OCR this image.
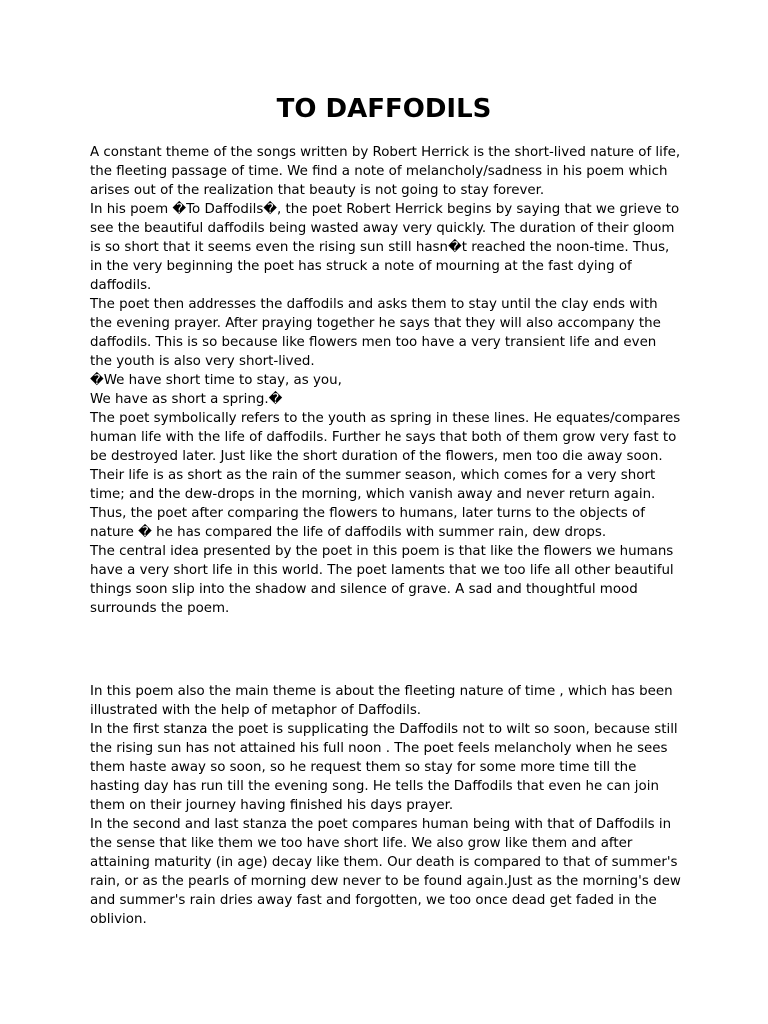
TO DAFFODILS

A constant theme of the songs written by Robert Herrick is the short-lived nature of life, the fleeting passage of time. We find a note of melancholy/sadness in his poem which arises out of the realization that beauty is not going to stay forever.

In his poem �To Daffodils�, the poet Robert Herrick begins by saying that we grieve to see the beautiful daffodils being wasted away very quickly. The duration of their gloom is so short that it seems even the rising sun still hasn�t reached the noon-time. Thus, in the very beginning the poet has struck a note of mourning at the fast dying of daffodils.

The poet then addresses the daffodils and asks them to stay until the clay ends with the evening prayer. After praying together he says that they will also accompany the daffodils. This is so because like flowers men too have a very transient life and even the youth is also very short-lived.

�We have short time to stay, as you,

We have as short a spring.�

The poet symbolically refers to the youth as spring in these lines. He equates/compares human life with the life of daffodils. Further he says that both of them grow very fast to be destroyed later. Just like the short duration of the flowers, men too die away soon. Their life is as short as the rain of the summer season, which comes for a very short time; and the dew-drops in the morning, which vanish away and never return again. Thus, the poet after comparing the flowers to humans, later turns to the objects of nature � he has compared the life of daffodils with summer rain, dew drops.

The central idea presented by the poet in this poem is that like the flowers we humans have a very short life in this world. The poet laments that we too life all other beautiful things soon slip into the shadow and silence of grave. A sad and thoughtful mood surrounds the poem.

In this poem also the main theme is about the fleeting nature of time , which has been illustrated with the help of metaphor of Daffodils.

In the first stanza the poet is supplicating the Daffodils not to wilt so soon, because still the rising sun has not attained his full noon . The poet feels melancholy when he sees them haste away so soon, so he request them so stay for some more time till the hasting day has run till the evening song. He tells the Daffodils that even he can join them on their journey having finished his days prayer.

In the second and last stanza the poet compares human being with that of Daffodils in the sense that like them we too have short life. We also grow like them and after attaining maturity (in age) decay like them. Our death is compared to that of summer's rain, or as the pearls of morning dew never to be found again.Just as the morning's dew and summer's rain dries away fast and forgotten, we too once dead get faded in the oblivion.
